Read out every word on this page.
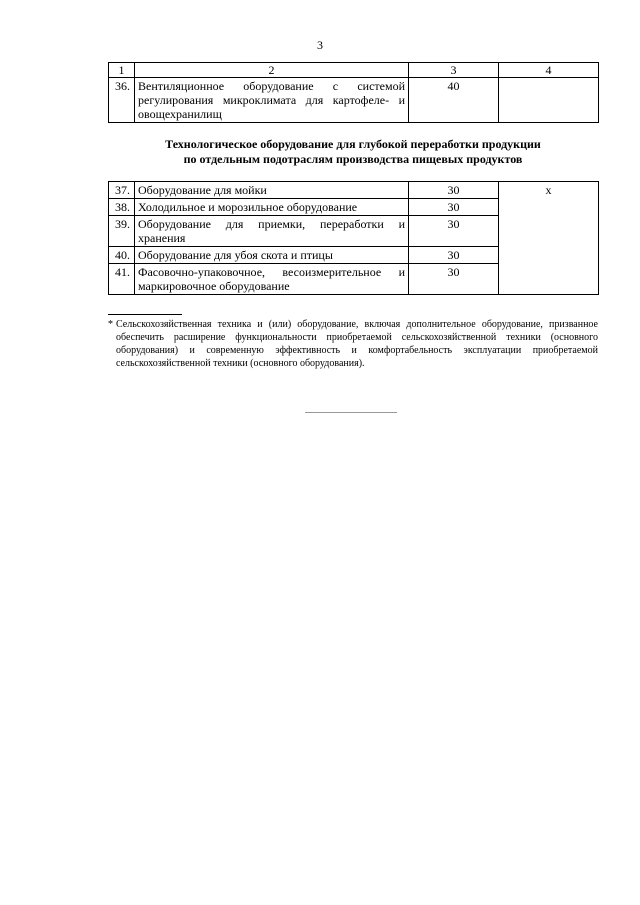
3
1	2	3	4
36.	Вентиляционное оборудование с системой регулирования микроклимата для картофеле- и овощехранилищ	40	
Технологическое оборудование для глубокой переработки продукции
по отдельным подотраслям производства пищевых продуктов
37.	Оборудование для мойки	30	х
38.	Холодильное и морозильное оборудование	30	
39.	Оборудование для приемки, переработки и хранения	30	
40.	Оборудование для убоя скота и птицы	30	
41.	Фасовочно-упаковочное, весоизмерительное и маркировочное оборудование	30	
* Сельскохозяйственная техника и (или) оборудование, включая дополнительное оборудование, призванное обеспечить расширение функциональности приобретаемой сельскохозяйственной техники (основного оборудования) и современную эффективность и комфортабельность эксплуатации приобретаемой сельскохозяйственной техники (основного оборудования).
